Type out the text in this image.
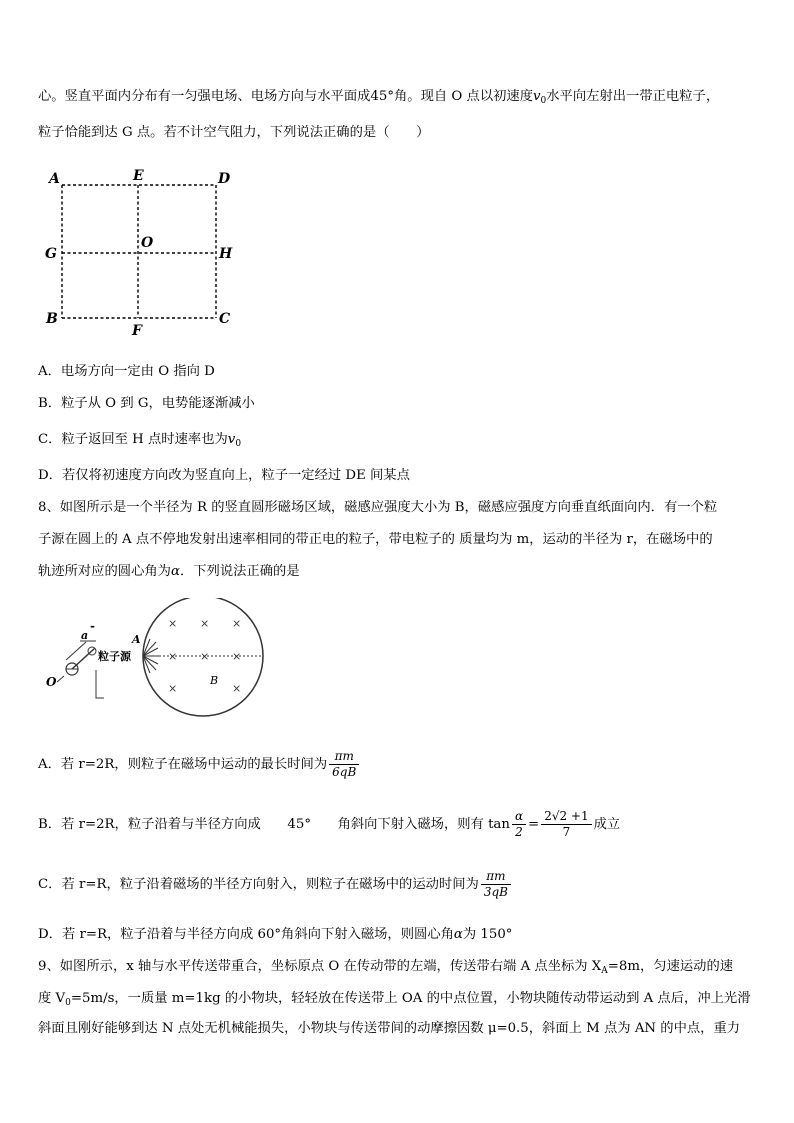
心。竖直平面内分布有一匀强电场、电场方向与水平面成45°角。现自 O 点以初速度$v_0$水平向左射出一带正电粒子，
粒子恰能到达 G 点。若不计空气阻力，下列说法正确的是（　　）
A	E	D
G
O
H
B
F
C
A．电场方向一定由 O 指向 D
B．粒子从 O 到 G，电势能逐渐减小
C．粒子返回至 H 点时速率也为$v_0$
D．若仅将初速度方向改为竖直向上，粒子一定经过 DE 间某点
8、如图所示是一个半径为 R 的竖直圆形磁场区域，磁感应强度大小为 B，磁感应强度方向垂直纸面向内．有一个粒
子源在圆上的 A 点不停地发射出速率相同的带正电的粒子，带电粒子的 质量均为 m，运动的半径为 r，在磁场中的
轨迹所对应的圆心角为α．下列说法正确的是
× × ×
× × ×
×	×
B
A
粒子源
-
a
O
A．若 r=2R，则粒子在磁场中运动的最长时间为 $\frac{\pi m}{6qB}$
B．若 r=2R，粒子沿着与半径方向成　　45°　　角斜向下射入磁场，则有 $\tan \frac{\alpha}{2} = \frac{2√2 +1}{7}$ 成立
C．若 r=R，粒子沿着磁场的半径方向射入，则粒子在磁场中的运动时间为 $\frac{\pi m}{3qB}$
D．若 r=R，粒子沿着与半径方向成 60°角斜向下射入磁场，则圆心角α为 150°
9、如图所示，x 轴与水平传送带重合，坐标原点 O 在传动带的左端，传送带右端 A 点坐标为 $X_A=8m$，匀速运动的速
度 $V_0=5m/s$，一质量 m=1kg 的小物块，轻轻放在传送带上 OA 的中点位置，小物块随传动带运动到 A 点后，冲上光滑
斜面且刚好能够到达 N 点处无机械能损失，小物块与传送带间的动摩擦因数 μ=0.5，斜面上 M 点为 AN 的中点，重力
